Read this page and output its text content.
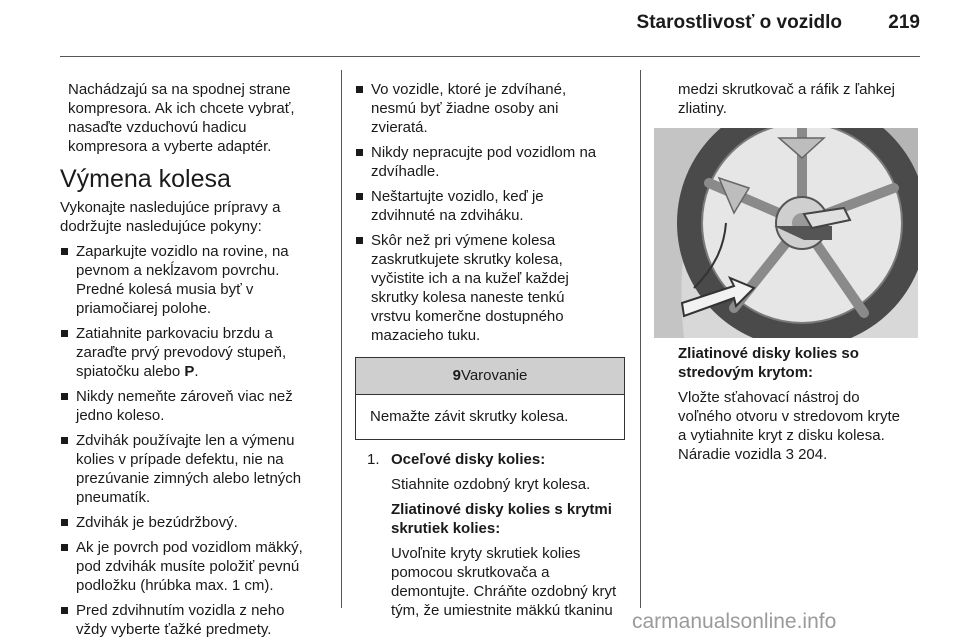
Starostlivosť o vozidlo 219

Nachádzajú sa na spodnej strane

kompresora. Ak ich chcete vybrať,

nasaďte vzduchovú hadicu

kompresora a vyberte adaptér.

Výmena kolesa

Vykonajte nasledujúce prípravy a

dodržujte nasledujúce pokyny:

Zaparkujte vozidlo na rovine, na

pevnom a nekĺzavom povrchu.

Predné kolesá musia byť v

priamočiarej polohe.

Zatiahnite parkovaciu brzdu a

zaraďte prvý prevodový stupeň,

spiatočku alebo P.

Nikdy nemeňte zároveň viac než

jedno koleso.

Zdvihák používajte len a výmenu

kolies v prípade defektu, nie na

prezúvanie zimných alebo letných

pneumatík.

Zdvihák je bezúdržbový.

Ak je povrch pod vozidlom mäkký,

pod zdvihák musíte položiť pevnú

podložku (hrúbka max. 1 cm).

Pred zdvihnutím vozidla z neho

vždy vyberte ťažké predmety.

Vo vozidle, ktoré je zdvíhané,

nesmú byť žiadne osoby ani

zvieratá.

Nikdy nepracujte pod vozidlom na

zdvíhadle.

Neštartujte vozidlo, keď je

zdvihnuté na zdviháku.

Skôr než pri výmene kolesa

zaskrutkujete skrutky kolesa,

vyčistite ich a na kužeľ každej

skrutky kolesa naneste tenkú

vrstvu komerčne dostupného

mazacieho tuku.

9Varovanie
Nemažte závit skrutky kolesa.
1. Oceľové disky kolies:

Stiahnite ozdobný kryt kolesa.

Zliatinové disky kolies s krytmi

skrutiek kolies:

Uvoľnite kryty skrutiek kolies

pomocou skrutkovača a

demontujte. Chráňte ozdobný kryt

tým, že umiestnite mäkkú tkaninu

medzi skrutkovač a ráfik z ľahkej

zliatiny.

Zliatinové disky kolies so

stredovým krytom:

Vložte sťahovací nástroj do

voľného otvoru v stredovom kryte

a vytiahnite kryt z disku kolesa.

Náradie vozidla 3 204.

carmanualsonline.info
